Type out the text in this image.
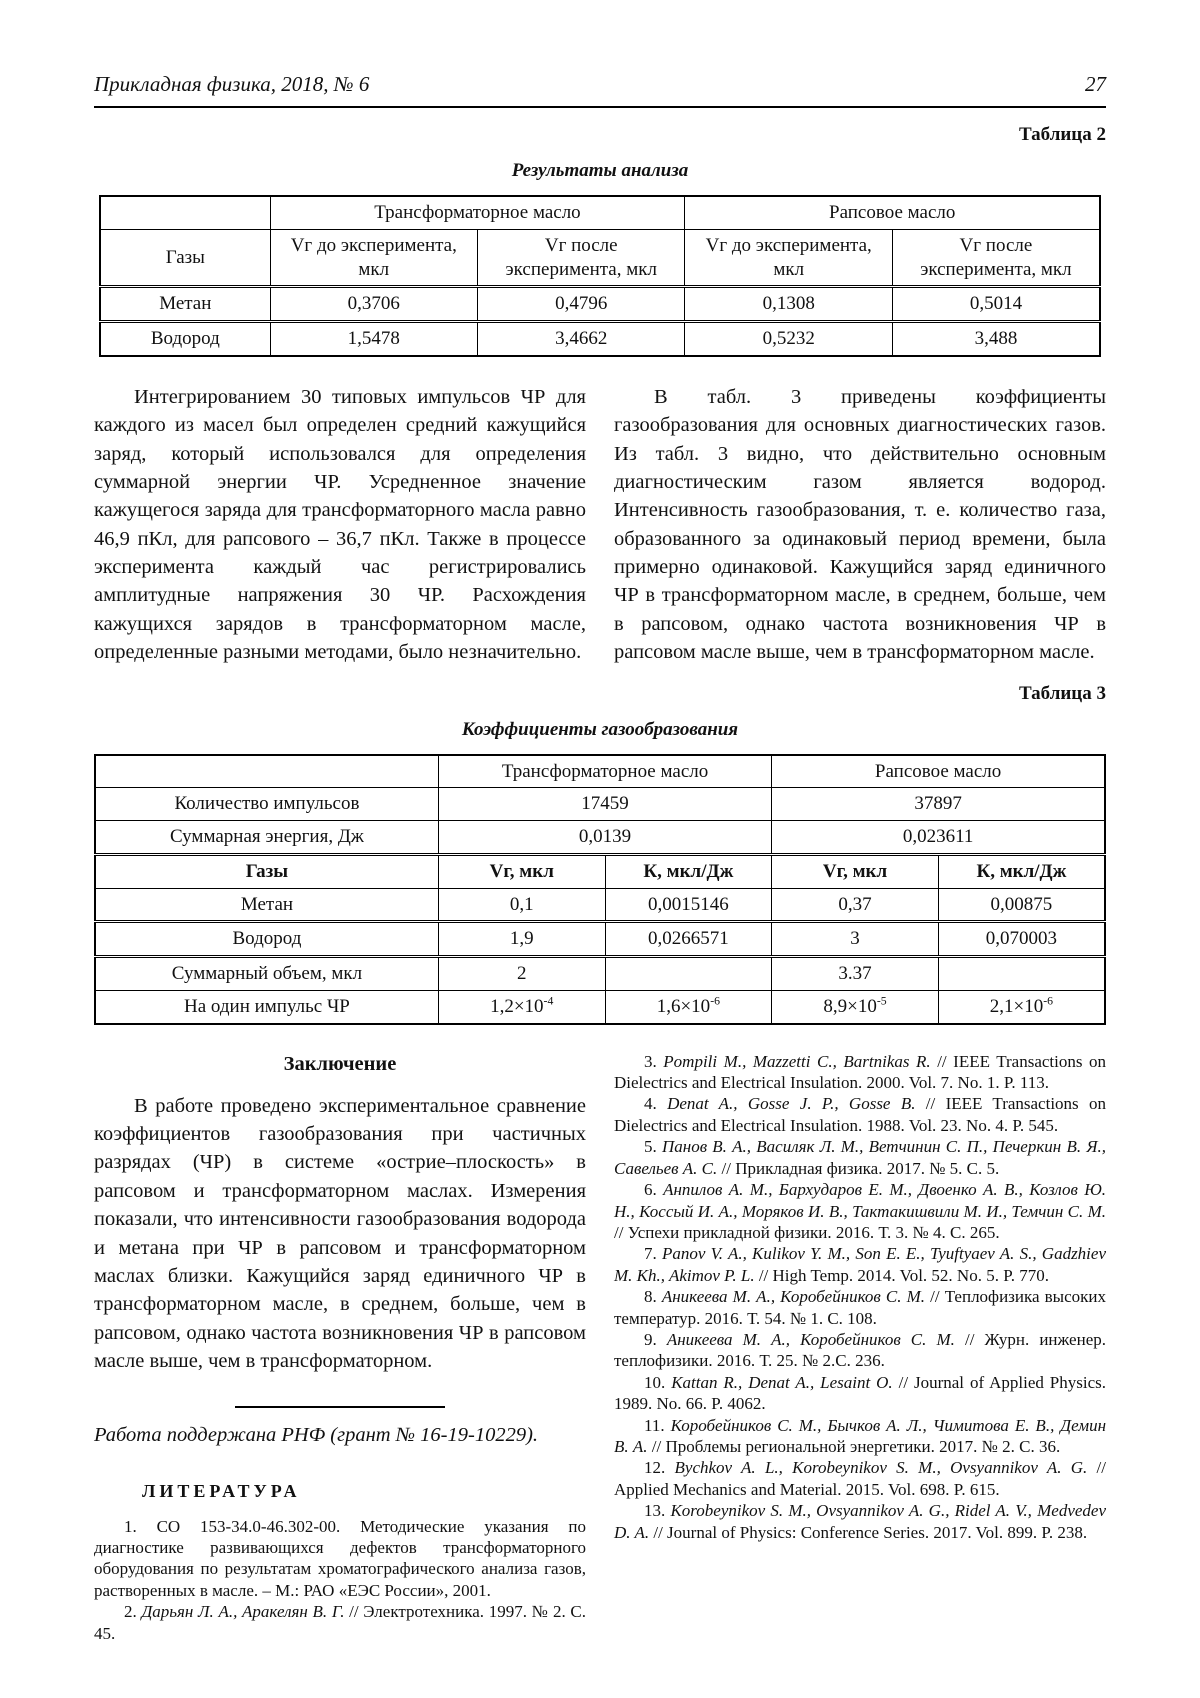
Прикладная физика, 2018, № 6	27
Таблица 2
Результаты анализа
	Трансформаторное масло		Рапсовое масло	
Газы	Vг до эксперимента, мкл	Vг после эксперимента, мкл	Vг до эксперимента, мкл	Vг после эксперимента, мкл
Метан	0,3706	0,4796	0,1308	0,5014
Водород	1,5478	3,4662	0,5232	3,488

Интегрированием 30 типовых импульсов ЧР для каждого из масел был определен средний кажущийся заряд, который использовался для определения суммарной энергии ЧР. Усредненное значение кажущегося заряда для трансформаторного масла равно 46,9 пКл, для рапсового – 36,7 пКл. Также в процессе эксперимента каждый час регистрировались амплитудные напряжения 30 ЧР. Расхождения кажущихся зарядов в трансформаторном масле, определенные разными методами, было незначительно.

В табл. 3 приведены коэффициенты газообразования для основных диагностических газов. Из табл. 3 видно, что действительно основным диагностическим газом является водород. Интенсивность газообразования, т. е. количество газа, образованного за одинаковый период времени, была примерно одинаковой. Кажущийся заряд единичного ЧР в трансформаторном масле, в среднем, больше, чем в рапсовом, однако частота возникновения ЧР в рапсовом масле выше, чем в трансформаторном масле.

Таблица 3
Коэффициенты газообразования
	Трансформаторное масло		Рапсовое масло	
Количество импульсов	17459		37897	
Суммарная энергия, Дж	0,0139		0,023611	
Газы	Vг, мкл	К, мкл/Дж	Vг, мкл	К, мкл/Дж
Метан	0,1	0,0015146	0,37	0,00875
Водород	1,9	0,0266571	3	0,070003
Суммарный объем, мкл	2		3.37	
На один импульс ЧР	$1,2\times 10^{-4}$	$1,6\times 10^{-6}$	$8,9\times 10^{-5}$	$2,1\times 10^{-6}$
Заключение

В работе проведено экспериментальное сравнение коэффициентов газообразования при частичных разрядах (ЧР) в системе «острие–плоскость» в рапсовом и трансформаторном маслах. Измерения показали, что интенсивности газообразования водорода и метана при ЧР в рапсовом и трансформаторном маслах близки. Кажущийся заряд единичного ЧР в трансформаторном масле, в среднем, больше, чем в рапсовом, однако частота возникновения ЧР в рапсовом масле выше, чем в трансформаторном.

Работа поддержана РНФ (грант № 16-19-10229).

ЛИТЕРАТУРА

1. СО 153-34.0-46.302-00. Методические указания по диагностике развивающихся дефектов трансформаторного оборудования по результатам хроматографического анализа газов, растворенных в масле. – М.: РАО «ЕЭС России», 2001.

2. Дарьян Л. А., Аракелян В. Г. // Электротехника. 1997. № 2. С. 45.

3. Pompili M., Mazzetti C., Bartnikas R. // IEEE Transactions on Dielectrics and Electrical Insulation. 2000. Vol. 7. No. 1. P. 113.

4. Denat A., Gosse J. P., Gosse B. // IEEE Transactions on Dielectrics and Electrical Insulation. 1988. Vol. 23. No. 4. P. 545.

5. Панов В. А., Василяк Л. М., Ветчинин С. П., Печеркин В. Я., Савельев А. С. // Прикладная физика. 2017. № 5. С. 5.

6. Анпилов А. М., Бархударов Е. М., Двоенко А. В., Козлов Ю. Н., Коссый И. А., Моряков И. В., Тактакишвили М. И., Темчин С. М. // Успехи прикладной физики. 2016. Т. 3. № 4. С. 265.

7. Panov V. A., Kulikov Y. M., Son E. E., Tyuftyaev A. S., Gadzhiev M. Kh., Akimov P. L. // High Temp. 2014. Vol. 52. No. 5. P. 770.

8. Аникеева М. А., Коробейников С. М. // Теплофизика высоких температур. 2016. Т. 54. № 1. С. 108.

9. Аникеева М. А., Коробейников С. М. // Журн. инженер. теплофизики. 2016. Т. 25. № 2.С. 236.

10. Kattan R., Denat A., Lesaint O. // Journal of Applied Physics. 1989. No. 66. P. 4062.

11. Коробейников С. М., Бычков А. Л., Чимитова Е. В., Демин В. А. // Проблемы региональной энергетики. 2017. № 2. С. 36.

12. Bychkov A. L., Korobeynikov S. M., Ovsyannikov A. G. // Applied Mechanics and Material. 2015. Vol. 698. P. 615.

13. Korobeynikov S. M., Ovsyannikov A. G., Ridel A. V., Medvedev D. A. // Journal of Physics: Conference Series. 2017. Vol. 899. P. 238.
